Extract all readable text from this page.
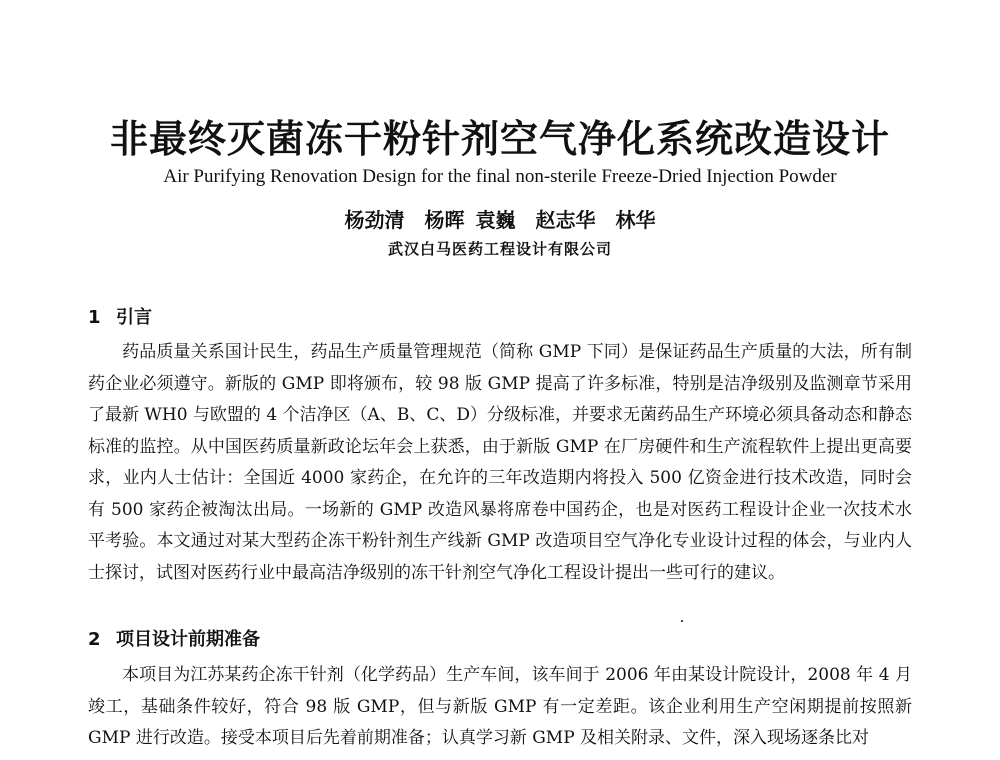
非最终灭菌冻干粉针剂空气净化系统改造设计
Air Purifying Renovation Design for the final non-sterile Freeze-Dried Injection Powder
杨劲清　杨晖 袁巍　赵志华　林华
武汉白马医药工程设计有限公司
1 引言

药品质量关系国计民生，药品生产质量管理规范（简称 GMP 下同）是保证药品生产质量的大法，所有制药企业必须遵守。新版的 GMP 即将颁布，较 98 版 GMP 提高了许多标准，特别是洁净级别及监测章节采用了最新 WH0 与欧盟的 4 个洁净区（A、B、C、D）分级标准，并要求无菌药品生产环境必须具备动态和静态标准的监控。从中国医药质量新政论坛年会上获悉，由于新版 GMP 在厂房硬件和生产流程软件上提出更高要求，业内人士估计：全国近 4000 家药企，在允许的三年改造期内将投入 500 亿资金进行技术改造，同时会有 500 家药企被淘汰出局。一场新的 GMP 改造风暴将席卷中国药企，也是对医药工程设计企业一次技术水平考验。本文通过对某大型药企冻干粉针剂生产线新 GMP 改造项目空气净化专业设计过程的体会，与业内人士探讨，试图对医药行业中最高洁净级别的冻干针剂空气净化工程设计提出一些可行的建议。

2 项目设计前期准备

本项目为江苏某药企冻干针剂（化学药品）生产车间，该车间于 2006 年由某设计院设计，2008 年 4 月竣工，基础条件较好，符合 98 版 GMP，但与新版 GMP 有一定差距。该企业利用生产空闲期提前按照新 GMP 进行改造。接受本项目后先着前期准备；认真学习新 GMP 及相关附录、文件，深入现场逐条比对
